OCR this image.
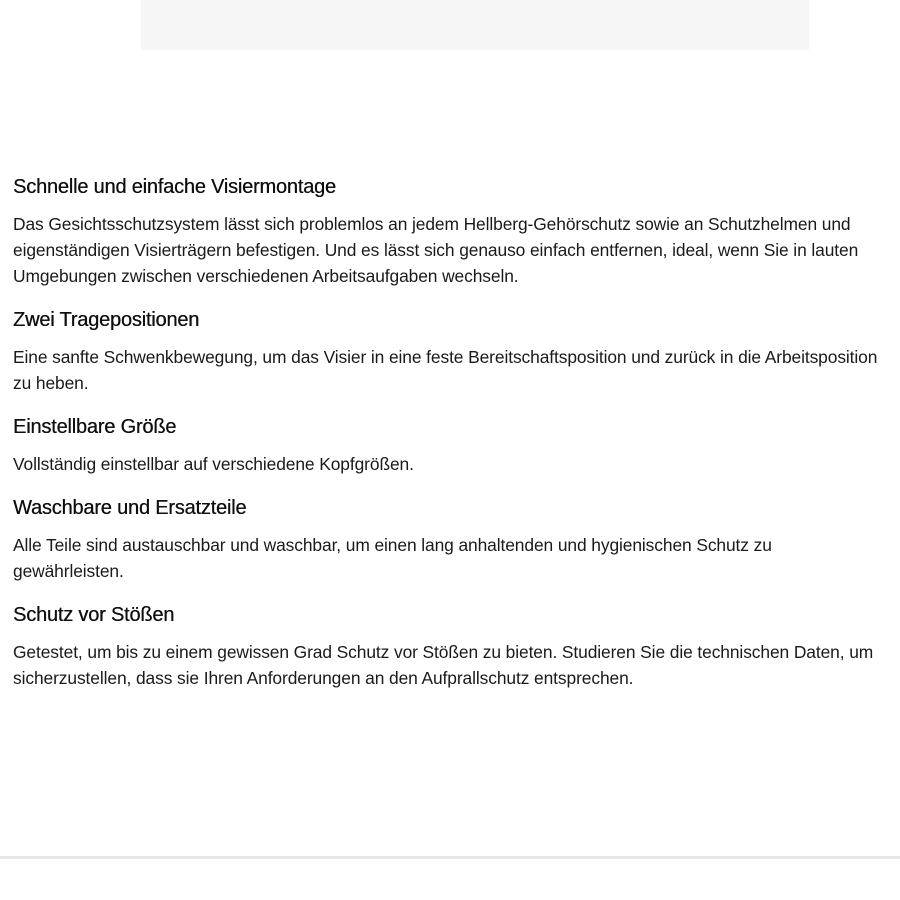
Schnelle und einfache Visiermontage

Das Gesichtsschutzsystem lässt sich problemlos an jedem Hellberg-Gehörschutz sowie an Schutzhelmen und eigenständigen Visierträgern befestigen. Und es lässt sich genauso einfach entfernen, ideal, wenn Sie in lauten Umgebungen zwischen verschiedenen Arbeitsaufgaben wechseln.

Zwei Tragepositionen

Eine sanfte Schwenkbewegung, um das Visier in eine feste Bereitschaftsposition und zurück in die Arbeitsposition zu heben.

Einstellbare Größe

Vollständig einstellbar auf verschiedene Kopfgrößen.

Waschbare und Ersatzteile

Alle Teile sind austauschbar und waschbar, um einen lang anhaltenden und hygienischen Schutz zu gewährleisten.

Schutz vor Stößen

Getestet, um bis zu einem gewissen Grad Schutz vor Stößen zu bieten. Studieren Sie die technischen Daten, um sicherzustellen, dass sie Ihren Anforderungen an den Aufprallschutz entsprechen.
